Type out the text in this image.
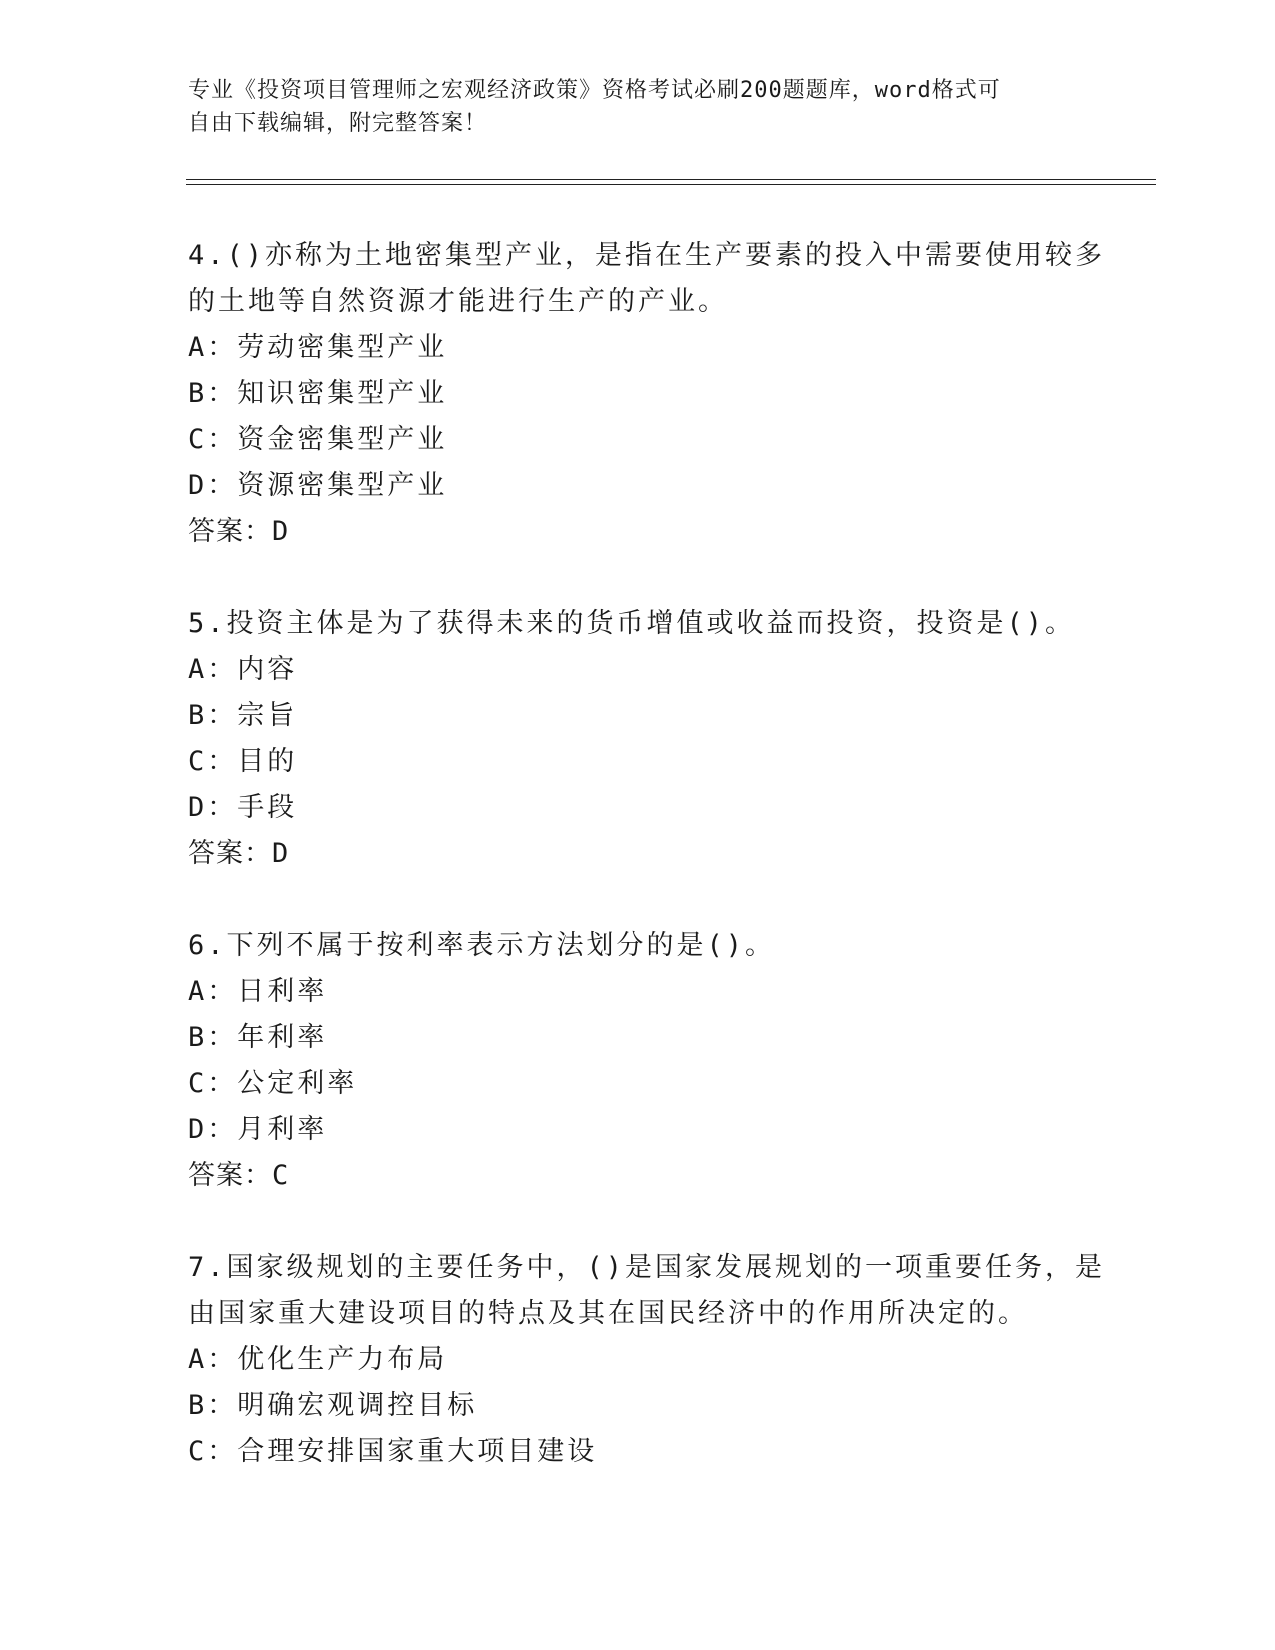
专业《投资项目管理师之宏观经济政策》资格考试必刷200题题库，word格式可
自由下载编辑，附完整答案！
4.()亦称为土地密集型产业，是指在生产要素的投入中需要使用较多
的土地等自然资源才能进行生产的产业。
A：劳动密集型产业
B：知识密集型产业
C：资金密集型产业
D：资源密集型产业
答案：D
5.投资主体是为了获得未来的货币增值或收益而投资，投资是()。
A：内容
B：宗旨
C：目的
D：手段
答案：D
6.下列不属于按利率表示方法划分的是()。
A：日利率
B：年利率
C：公定利率
D：月利率
答案：C
7.国家级规划的主要任务中，()是国家发展规划的一项重要任务，是
由国家重大建设项目的特点及其在国民经济中的作用所决定的。
A：优化生产力布局
B：明确宏观调控目标
C：合理安排国家重大项目建设
